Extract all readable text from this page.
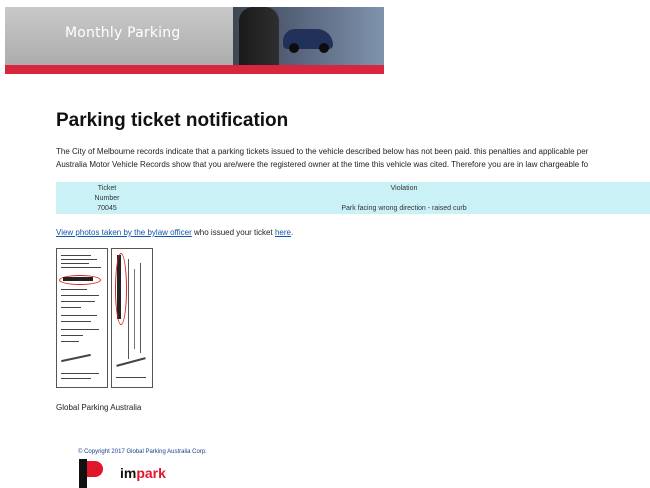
Monthly Parking
Parking ticket notification
The City of Melbourne records indicate that a parking tickets issued to the vehicle described below has not been paid. this penalties and applicable per
Australia Motor Vehicle Records show that you are/were the registered owner at the time this vehicle was cited. Therefore you are in law chargeable fo
Ticket
Number
70045
Violation
Park facing wrong direction - raised curb
View photos taken by the bylaw officer who issued your ticket here.
Global Parking Australia
© Copyright 2017 Global Parking Australia Corp.
impark
